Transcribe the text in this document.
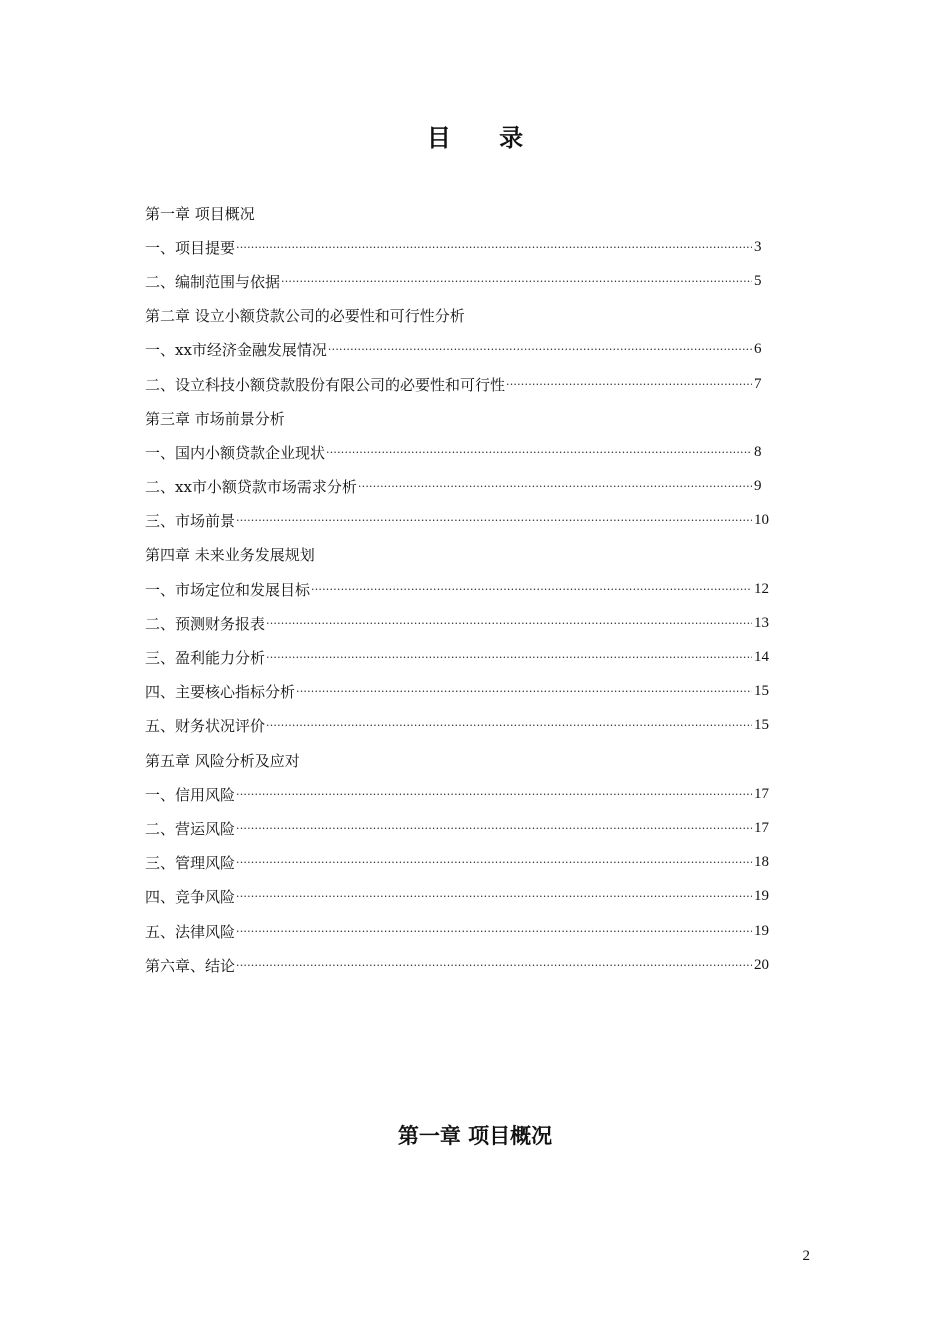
目 录
第一章 项目概况
一、项目提要 ·····	3
二、编制范围与依据 ·····	5
第二章 设立小额贷款公司的必要性和可行性分析
一、xx市经济金融发展情况 ·····	6
二、设立科技小额贷款股份有限公司的必要性和可行性 ·····	7
第三章 市场前景分析
一、国内小额贷款企业现状 ·····	8
二、xx市小额贷款市场需求分析 ·····	9
三、市场前景 ·····	10
第四章 未来业务发展规划
一、市场定位和发展目标 ·····	12
二、预测财务报表 ·····	13
三、盈利能力分析 ·····	14
四、主要核心指标分析 ·····	15
五、财务状况评价 ·····	15
第五章 风险分析及应对
一、信用风险 ·····	17
二、营运风险 ·····	17
三、管理风险 ·····	18
四、竞争风险 ·····	19
五、法律风险 ·····	19
第六章、结论 ·····	20
第一章 项目概况
2
